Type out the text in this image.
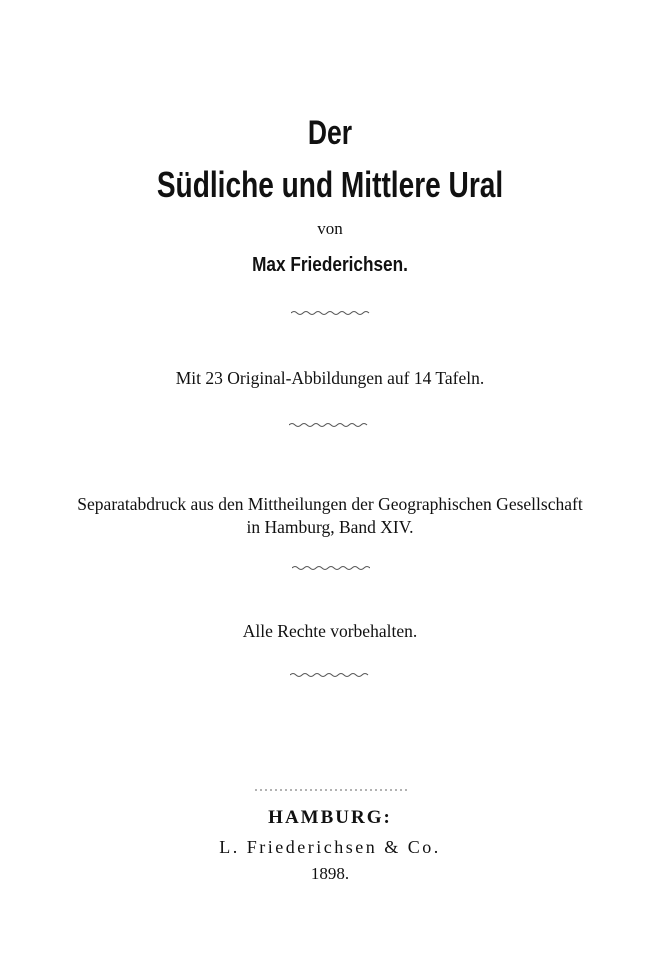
Der
Südliche und Mittlere Ural
von
Max Friederichsen.
Mit 23 Original-Abbildungen auf 14 Tafeln.
Separatabdruck aus den Mittheilungen der Geographischen Gesellschaft
in Hamburg, Band XIV.
Alle Rechte vorbehalten.
HAMBURG:
L. Friederichsen & Co.
1898.
